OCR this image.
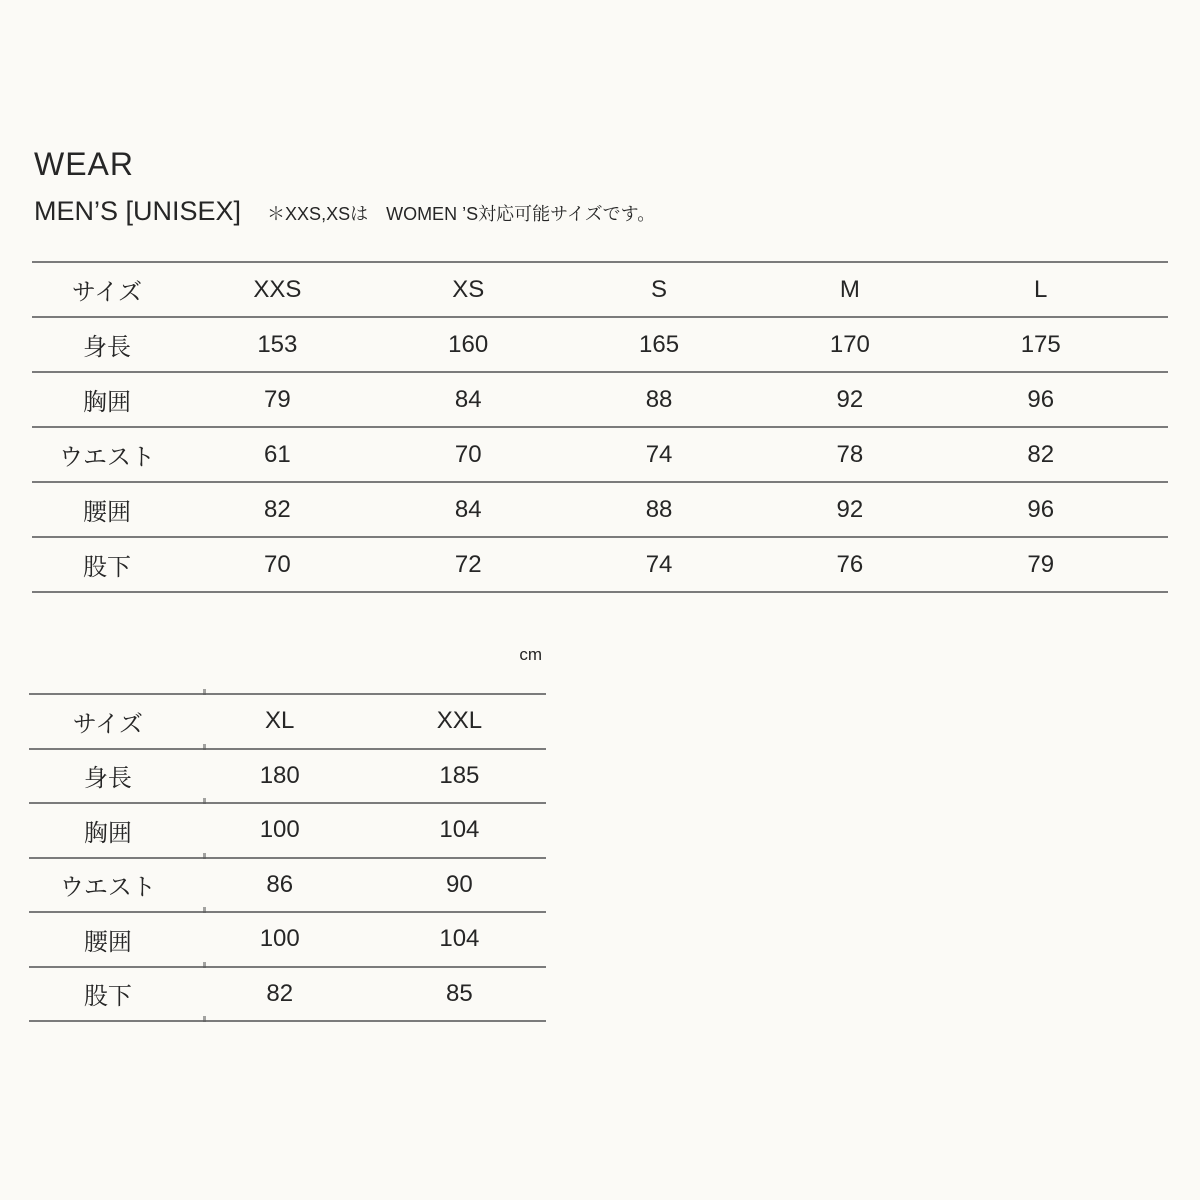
WEAR
MEN’S [UNISEX] ＊XXS,XSは　WOMEN ’S対応可能サイズです。
サイズ	XXS	XS	S	M	L	
身長	153	160	165	170	175	
胸囲	79	84	88	92	96	
ウエスト	61	70	74	78	82	
腰囲	82	84	88	92	96	
股下	70	72	74	76	79	
cm
サイズ	XL	XXL
身長	180	185
胸囲	100	104
ウエスト	86	90
腰囲	100	104
股下	82	85
